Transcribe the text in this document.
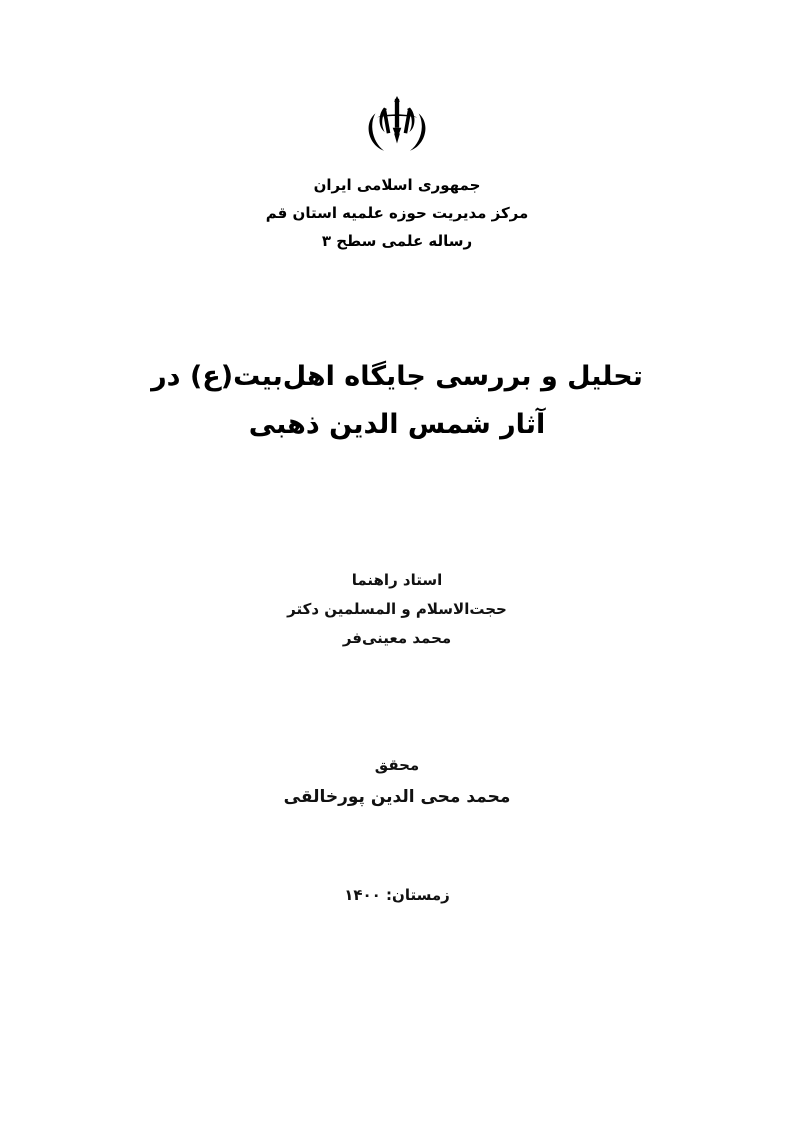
جمهوری اسلامی ایران
مرکز مدیریت حوزه علمیه استان قم
رساله علمی سطح ۳
تحلیل و بررسی جایگاه اهل‌بیت(ع) در
آثار شمس الدین ذهبی
استاد راهنما
حجت‌الاسلام و المسلمین دکتر
محمد معینی‌فر
محقق
محمد محی الدین پورخالقی
زمستان: ۱۴۰۰
